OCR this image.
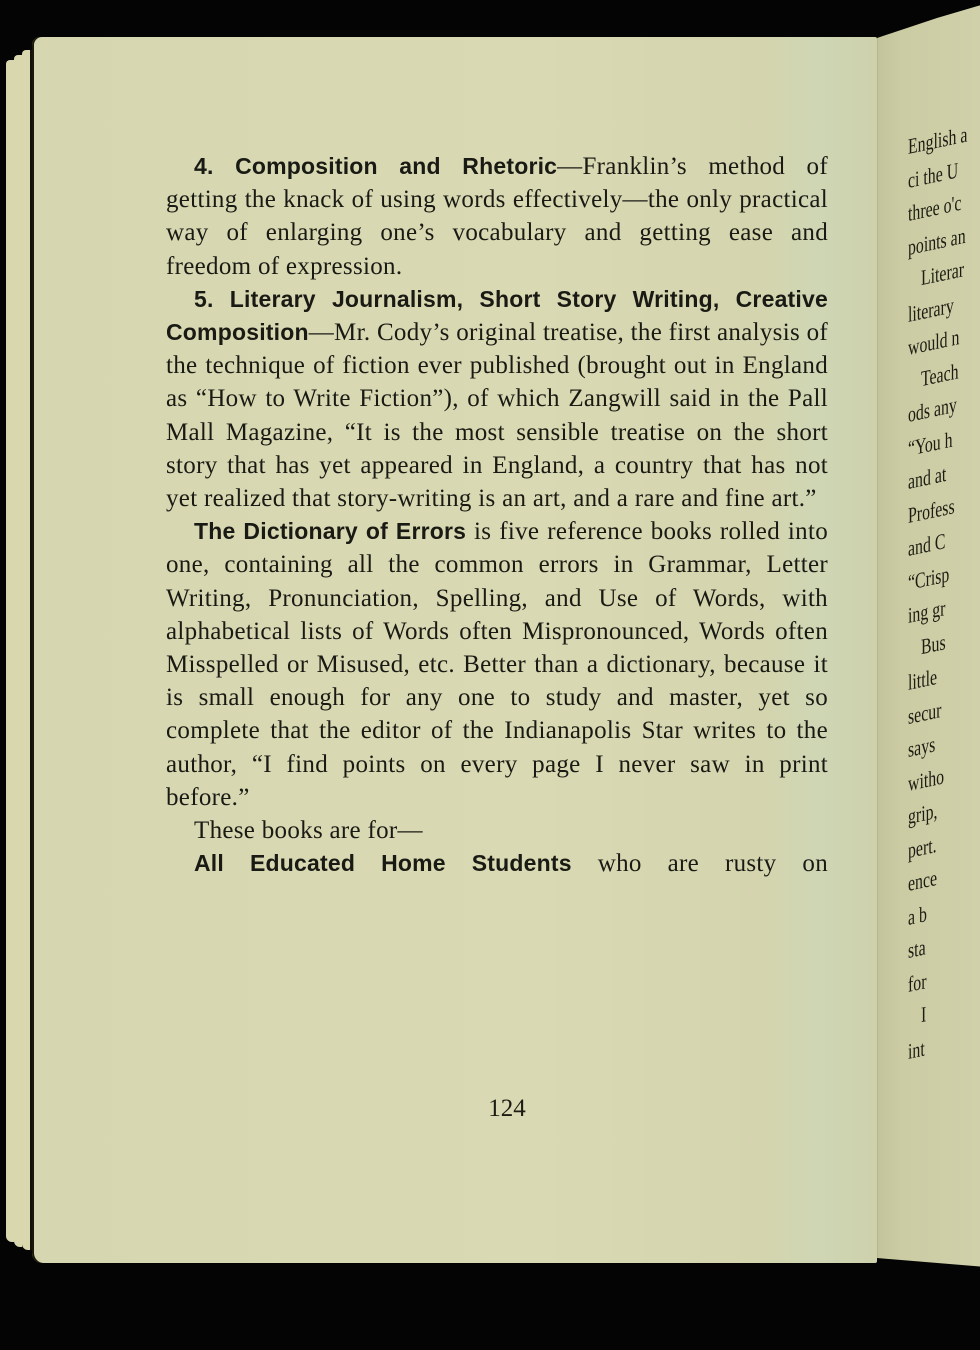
4. Composition and Rhetoric—Franklin’s method of getting the knack of using words effectively—the only practical way of enlarging one’s vocabulary and getting ease and freedom of expression.

5. Literary Journalism, Short Story Writing, Creative Composition—Mr. Cody’s original treatise, the first analysis of the technique of fiction ever published (brought out in England as “How to Write Fiction”), of which Zangwill said in the Pall Mall Magazine, “It is the most sensible treatise on the short story that has yet appeared in England, a country that has not yet realized that story-writing is an art, and a rare and fine art.”

The Dictionary of Errors is five reference books rolled into one, containing all the common errors in Grammar, Letter Writing, Pronunciation, Spelling, and Use of Words, with alphabetical lists of Words often Mispronounced, Words often Misspelled or Misused, etc. Better than a dictionary, because it is small enough for any one to study and master, yet so complete that the editor of the Indianapolis Star writes to the author, “I find points on every page I never saw in print before.”

These books are for—

All Educated Home Students who are rusty on

124
English a
ci the U
three o'c
points an
Literar
literary
would n
Teach
ods any
“You h
and at
Profess
and C
“Crisp
ing gr
Bus
little
secur
says
witho
grip,
pert.
ence
a b
sta
for
I
int
